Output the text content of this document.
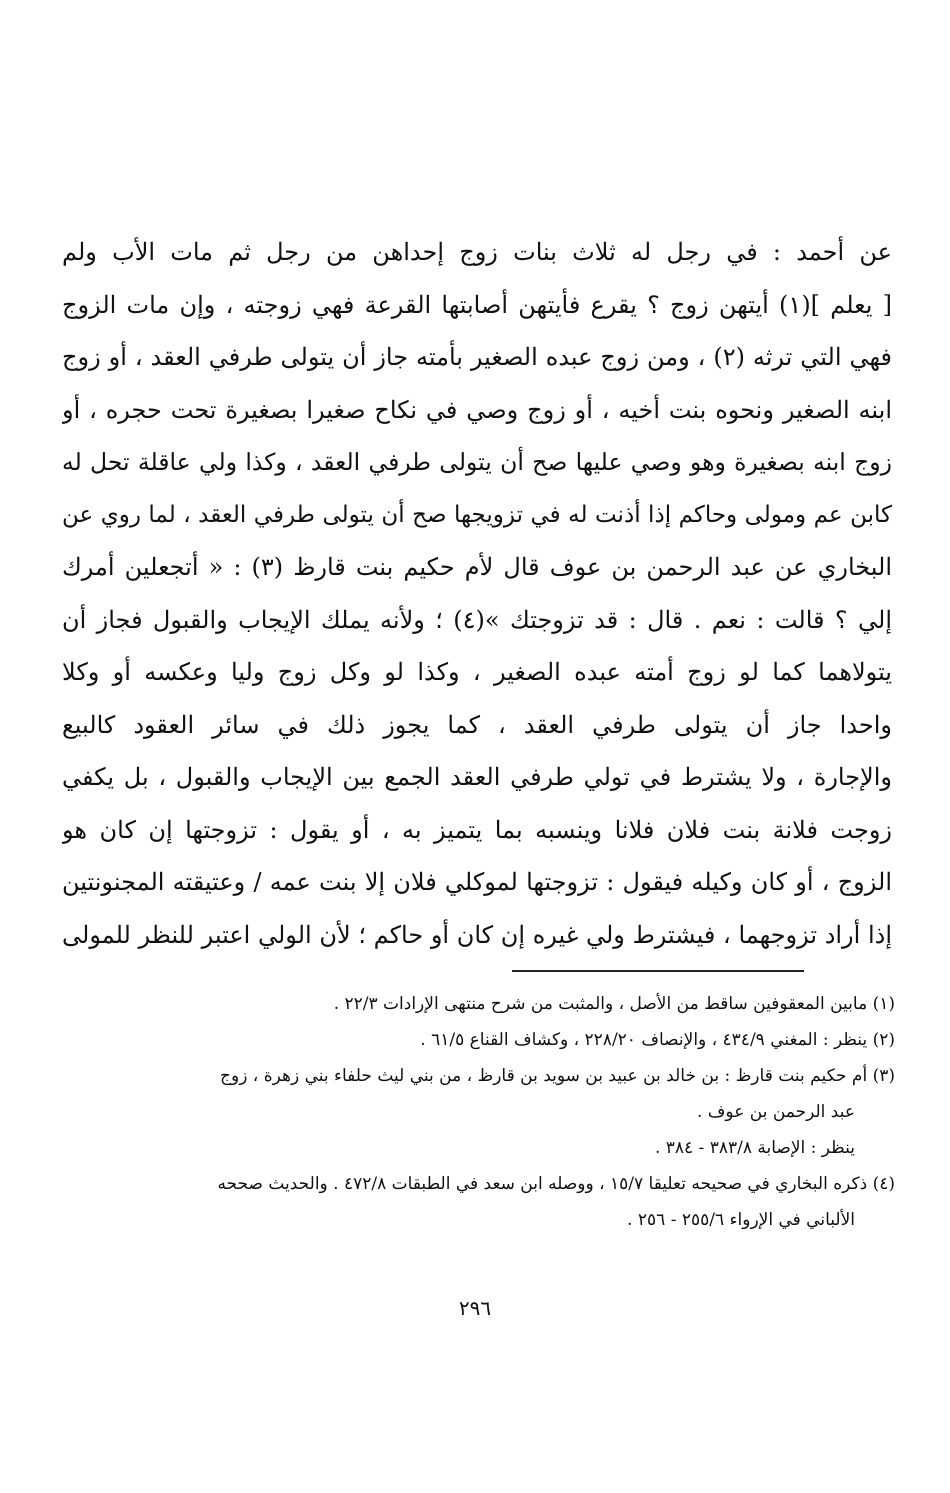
عن أحمد : في رجل له ثلاث بنات زوج إحداهن من رجل ثم مات الأب ولم
[ يعلم ](١) أيتهن زوج ؟ يقرع فأيتهن أصابتها القرعة فهي زوجته ، وإن مات الزوج
فهي التي ترثه (٢) ، ومن زوج عبده الصغير بأمته جاز أن يتولى طرفي العقد ، أو زوج
ابنه الصغير ونحوه بنت أخيه ، أو زوج وصي في نكاح صغيرا بصغيرة تحت حجره ، أو
زوج ابنه بصغيرة وهو وصي عليها صح أن يتولى طرفي العقد ، وكذا ولي عاقلة تحل له
كابن عم ومولى وحاكم إذا أذنت له في تزويجها صح أن يتولى طرفي العقد ، لما روي عن
البخاري عن عبد الرحمن بن عوف قال لأم حكيم بنت قارظ (٣) : « أتجعلين أمرك
إلي ؟ قالت : نعم . قال : قد تزوجتك »(٤) ؛ ولأنه يملك الإيجاب والقبول فجاز أن
يتولاهما كما لو زوج أمته عبده الصغير ، وكذا لو وكل زوج وليا وعكسه أو وكلا
واحدا جاز أن يتولى طرفي العقد ، كما يجوز ذلك في سائر العقود كالبيع
والإجارة ، ولا يشترط في تولي طرفي العقد الجمع بين الإيجاب والقبول ، بل يكفي
زوجت فلانة بنت فلان فلانا وينسبه بما يتميز به ، أو يقول : تزوجتها إن كان هو
الزوج ، أو كان وكيله فيقول : تزوجتها لموكلي فلان إلا بنت عمه / وعتيقته المجنونتين
إذا أراد تزوجهما ، فيشترط ولي غيره إن كان أو حاكم ؛ لأن الولي اعتبر للنظر للمولى
(١) مابين المعقوفين ساقط من الأصل ، والمثبت من شرح منتهى الإرادات ٢٢/٣ .
(٢) ينظر : المغني ٤٣٤/٩ ، والإنصاف ٢٢٨/٢٠ ، وكشاف القناع ٦١/٥ .
(٣) أم حكيم بنت قارظ : بن خالد بن عبيد بن سويد بن قارظ ، من بني ليث حلفاء بني زهرة ، زوج
عبد الرحمن بن عوف .
ينظر : الإصابة ٣٨٣/٨ - ٣٨٤ .
(٤) ذكره البخاري في صحيحه تعليقا ١٥/٧ ، ووصله ابن سعد في الطبقات ٤٧٢/٨ . والحديث صححه
الألباني في الإرواء ٢٥٥/٦ - ٢٥٦ .
٢٩٦
